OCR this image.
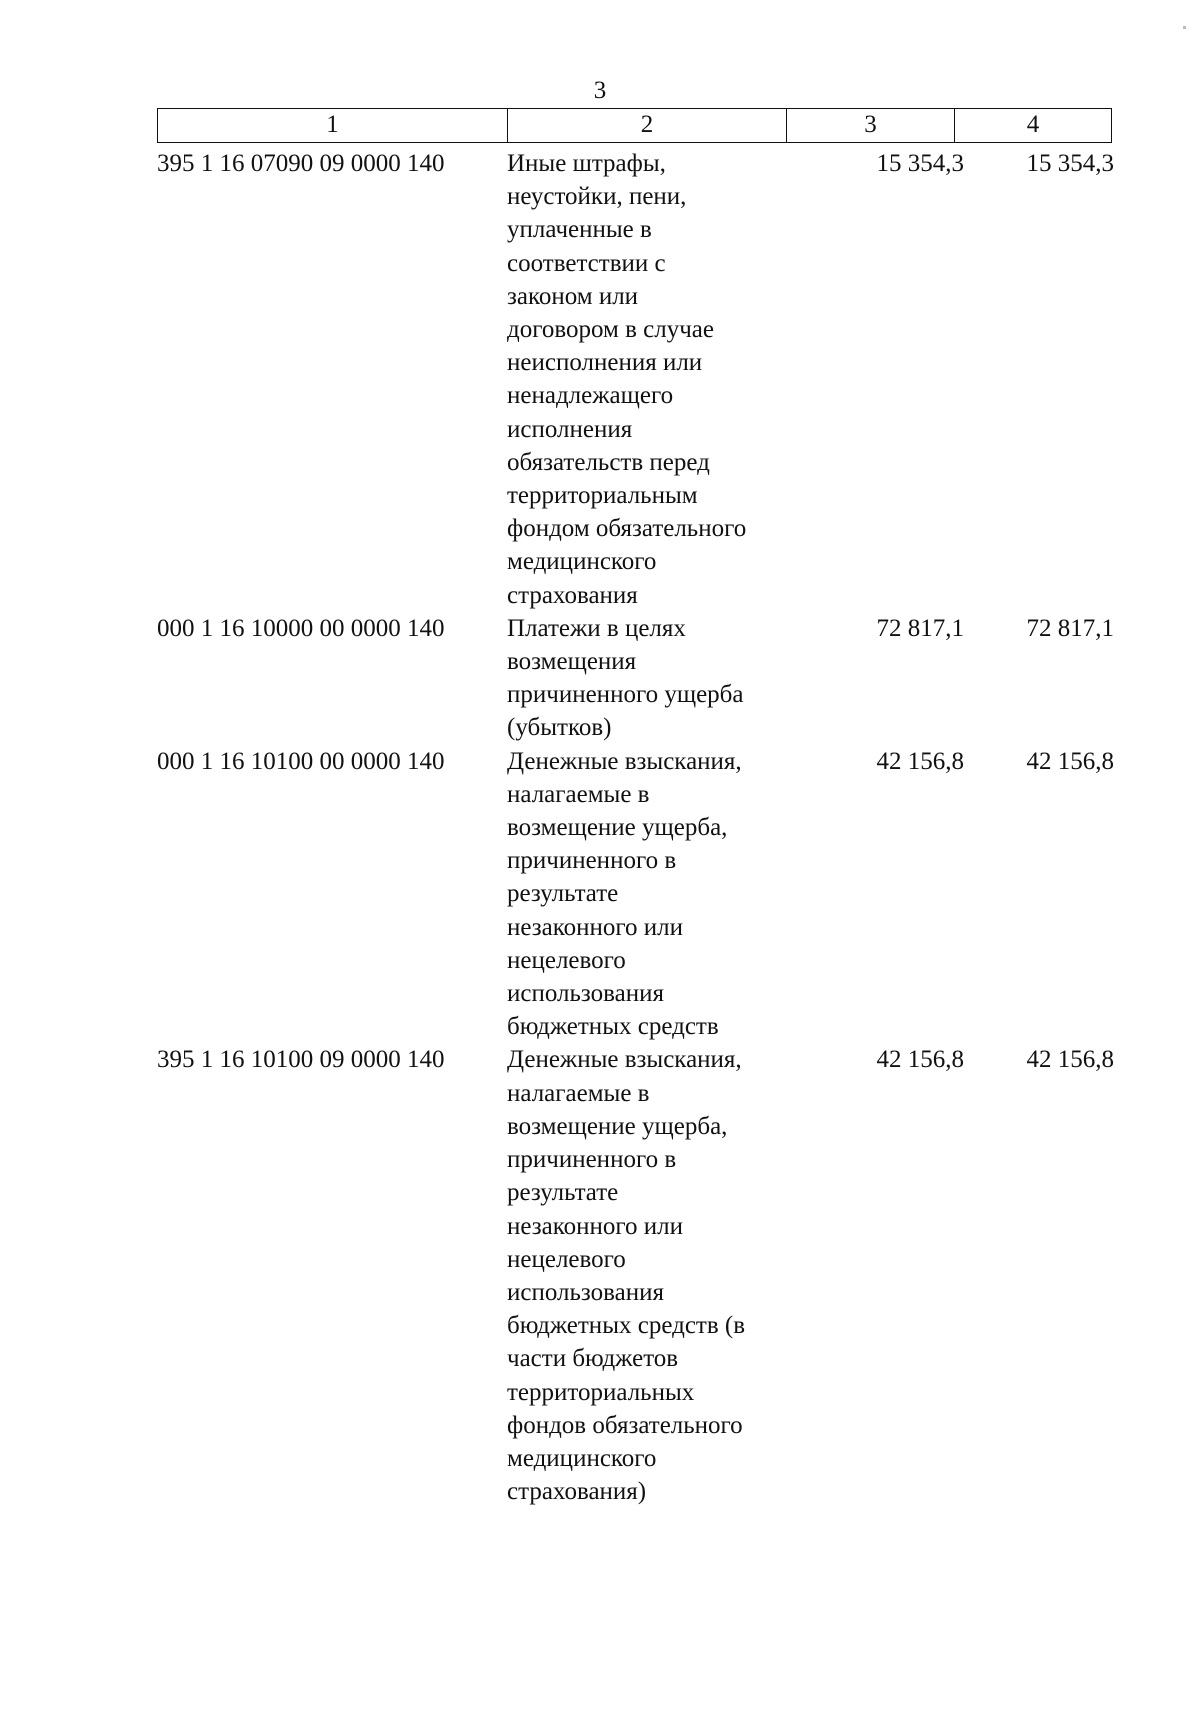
3
1	2	3	4
395 1 16 07090 09 0000 140	Иные штрафы,
неустойки, пени,
уплаченные в
соответствии с
законом или
договором в случае
неисполнения или
ненадлежащего
исполнения
обязательств перед
территориальным
фондом обязательного
медицинского
страхования
15 354,3	15 354,3
000 1 16 10000 00 0000 140	Платежи в целях
возмещения
причиненного ущерба
(убытков)
72 817,1	72 817,1
000 1 16 10100 00 0000 140	Денежные взыскания,
налагаемые в
возмещение ущерба,
причиненного в
результате
незаконного или
нецелевого
использования
бюджетных средств
42 156,8	42 156,8
395 1 16 10100 09 0000 140	Денежные взыскания,
налагаемые в
возмещение ущерба,
причиненного в
результате
незаконного или
нецелевого
использования
бюджетных средств (в
части бюджетов
территориальных
фондов обязательного
медицинского
страхования)
42 156,8	42 156,8
